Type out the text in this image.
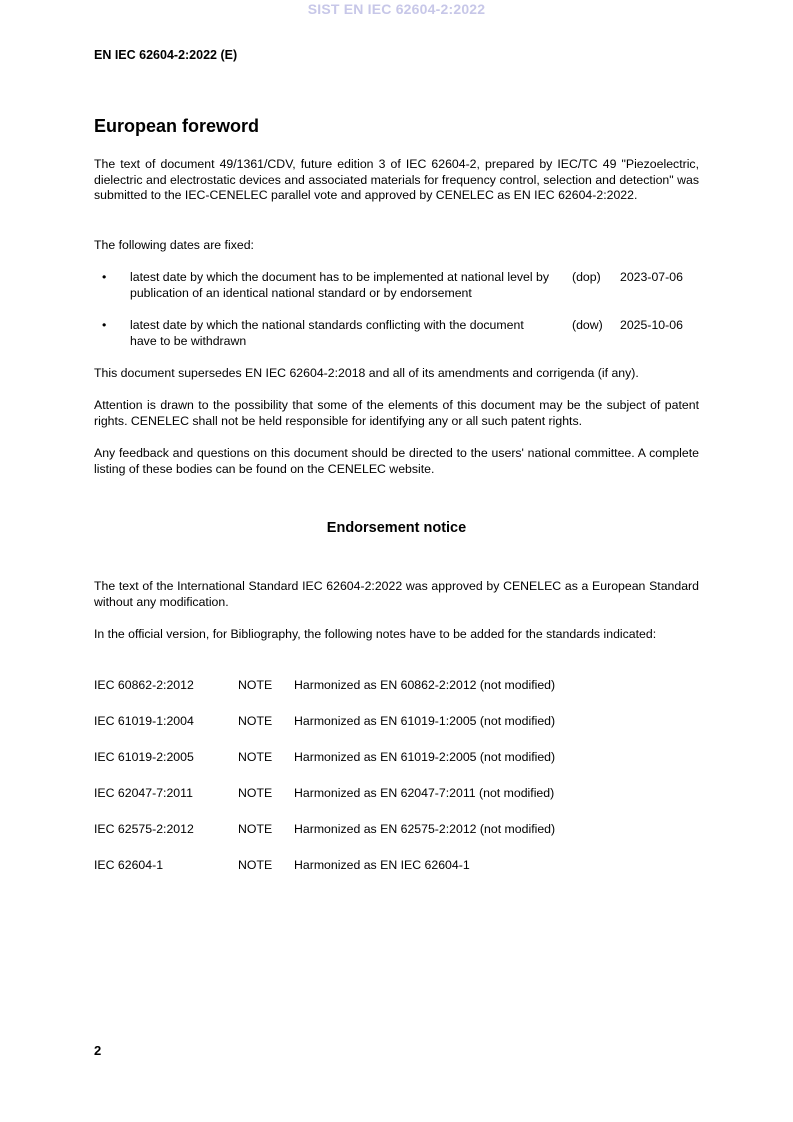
SIST EN IEC 62604-2:2022
EN IEC 62604-2:2022 (E)
European foreword
The text of document 49/1361/CDV, future edition 3 of IEC 62604-2, prepared by IEC/TC 49 "Piezoelectric, dielectric and electrostatic devices and associated materials for frequency control, selection and detection" was submitted to the IEC-CENELEC parallel vote and approved by CENELEC as EN IEC 62604-2:2022.
The following dates are fixed:
• latest date by which the document has to be implemented at national level by publication of an identical national standard or by endorsement
(dop) 2023-07-06
• latest date by which the national standards conflicting with the document have to be withdrawn
(dow) 2025-10-06
This document supersedes EN IEC 62604-2:2018 and all of its amendments and corrigenda (if any).
Attention is drawn to the possibility that some of the elements of this document may be the subject of patent rights. CENELEC shall not be held responsible for identifying any or all such patent rights.
Any feedback and questions on this document should be directed to the users' national committee. A complete listing of these bodies can be found on the CENELEC website.
Endorsement notice
The text of the International Standard IEC 62604-2:2022 was approved by CENELEC as a European Standard without any modification.
In the official version, for Bibliography, the following notes have to be added for the standards indicated:
IEC 60862-2:2012	NOTE Harmonized as EN 60862-2:2012 (not modified)
IEC 61019-1:2004	NOTE Harmonized as EN 61019-1:2005 (not modified)
IEC 61019-2:2005	NOTE Harmonized as EN 61019-2:2005 (not modified)
IEC 62047-7:2011	NOTE Harmonized as EN 62047-7:2011 (not modified)
IEC 62575-2:2012	NOTE Harmonized as EN 62575-2:2012 (not modified)
IEC 62604-1	NOTE Harmonized as EN IEC 62604-1
2
